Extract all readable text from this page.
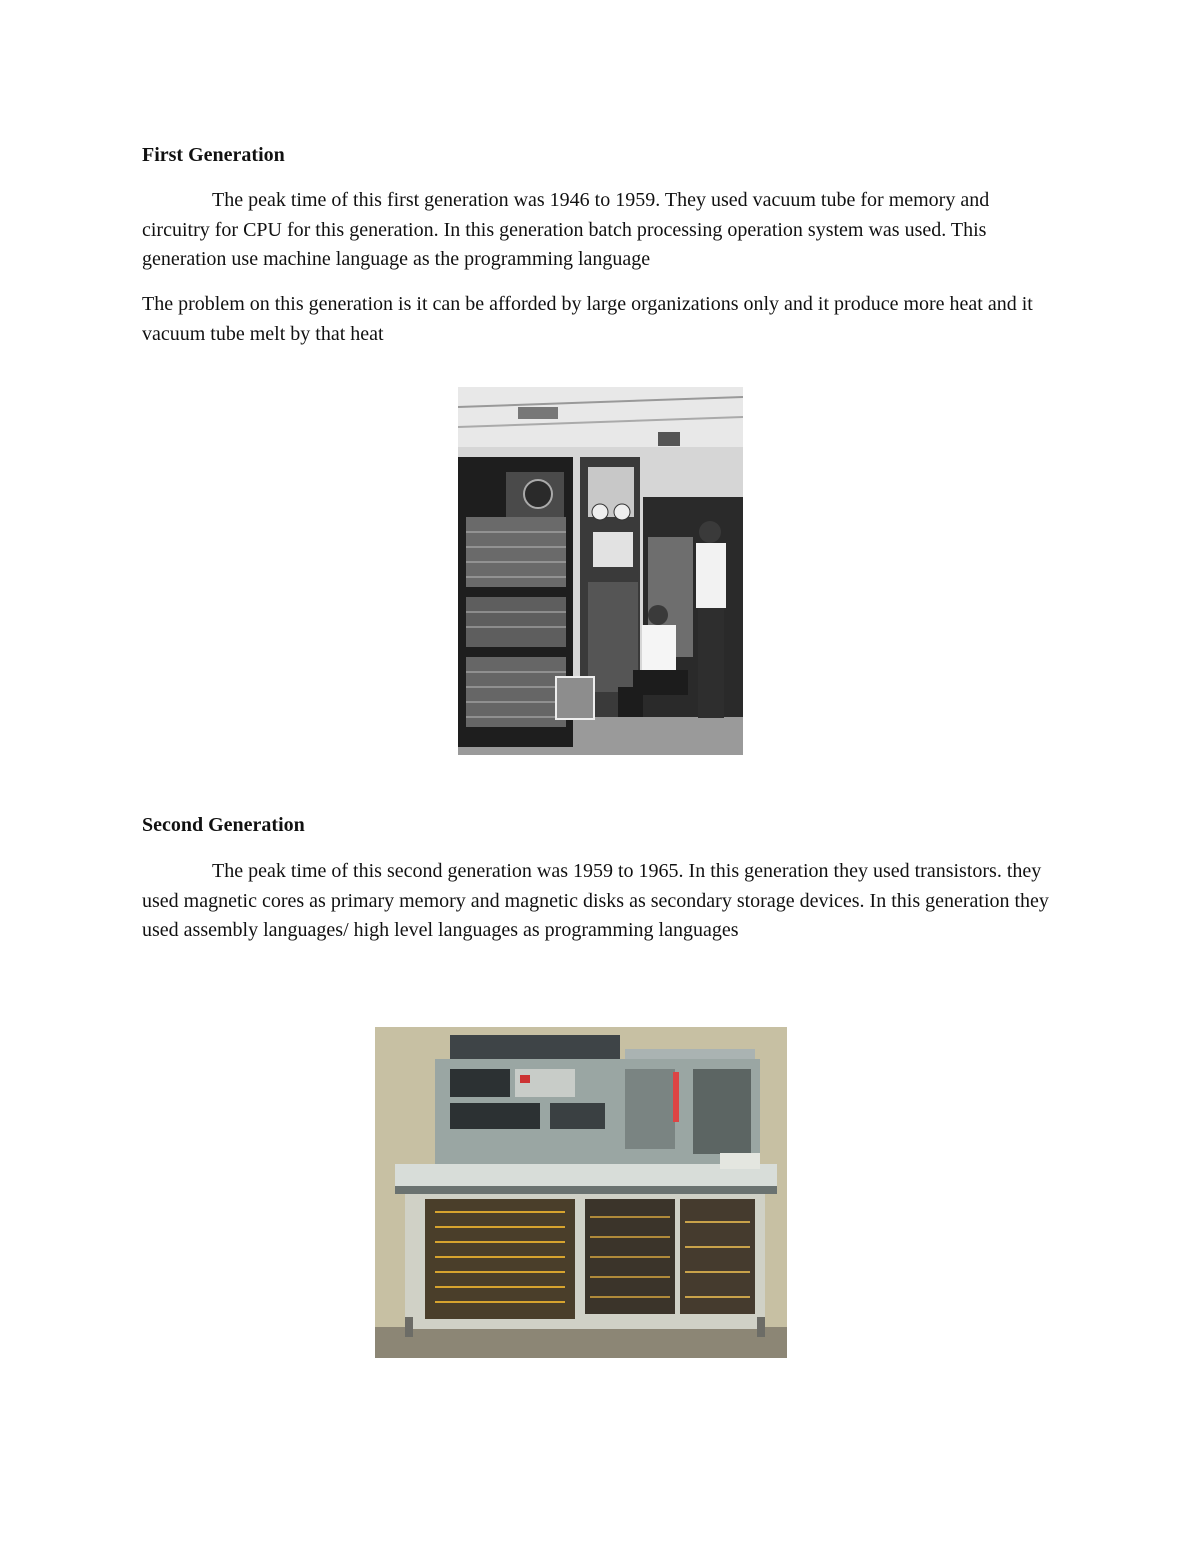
First Generation

The peak time of this first generation was 1946 to 1959. They used vacuum tube for memory and circuitry for CPU for this generation. In this generation batch processing operation system was used. This generation use machine language as the programming language

The problem on this generation is it can be afforded by large organizations only and it produce more heat and it vacuum tube melt by that heat

Second Generation

The peak time of this second generation was 1959 to 1965. In this generation they used transistors. they used magnetic cores as primary memory and magnetic disks as secondary storage devices. In this generation they used assembly languages/ high level languages as programming languages
